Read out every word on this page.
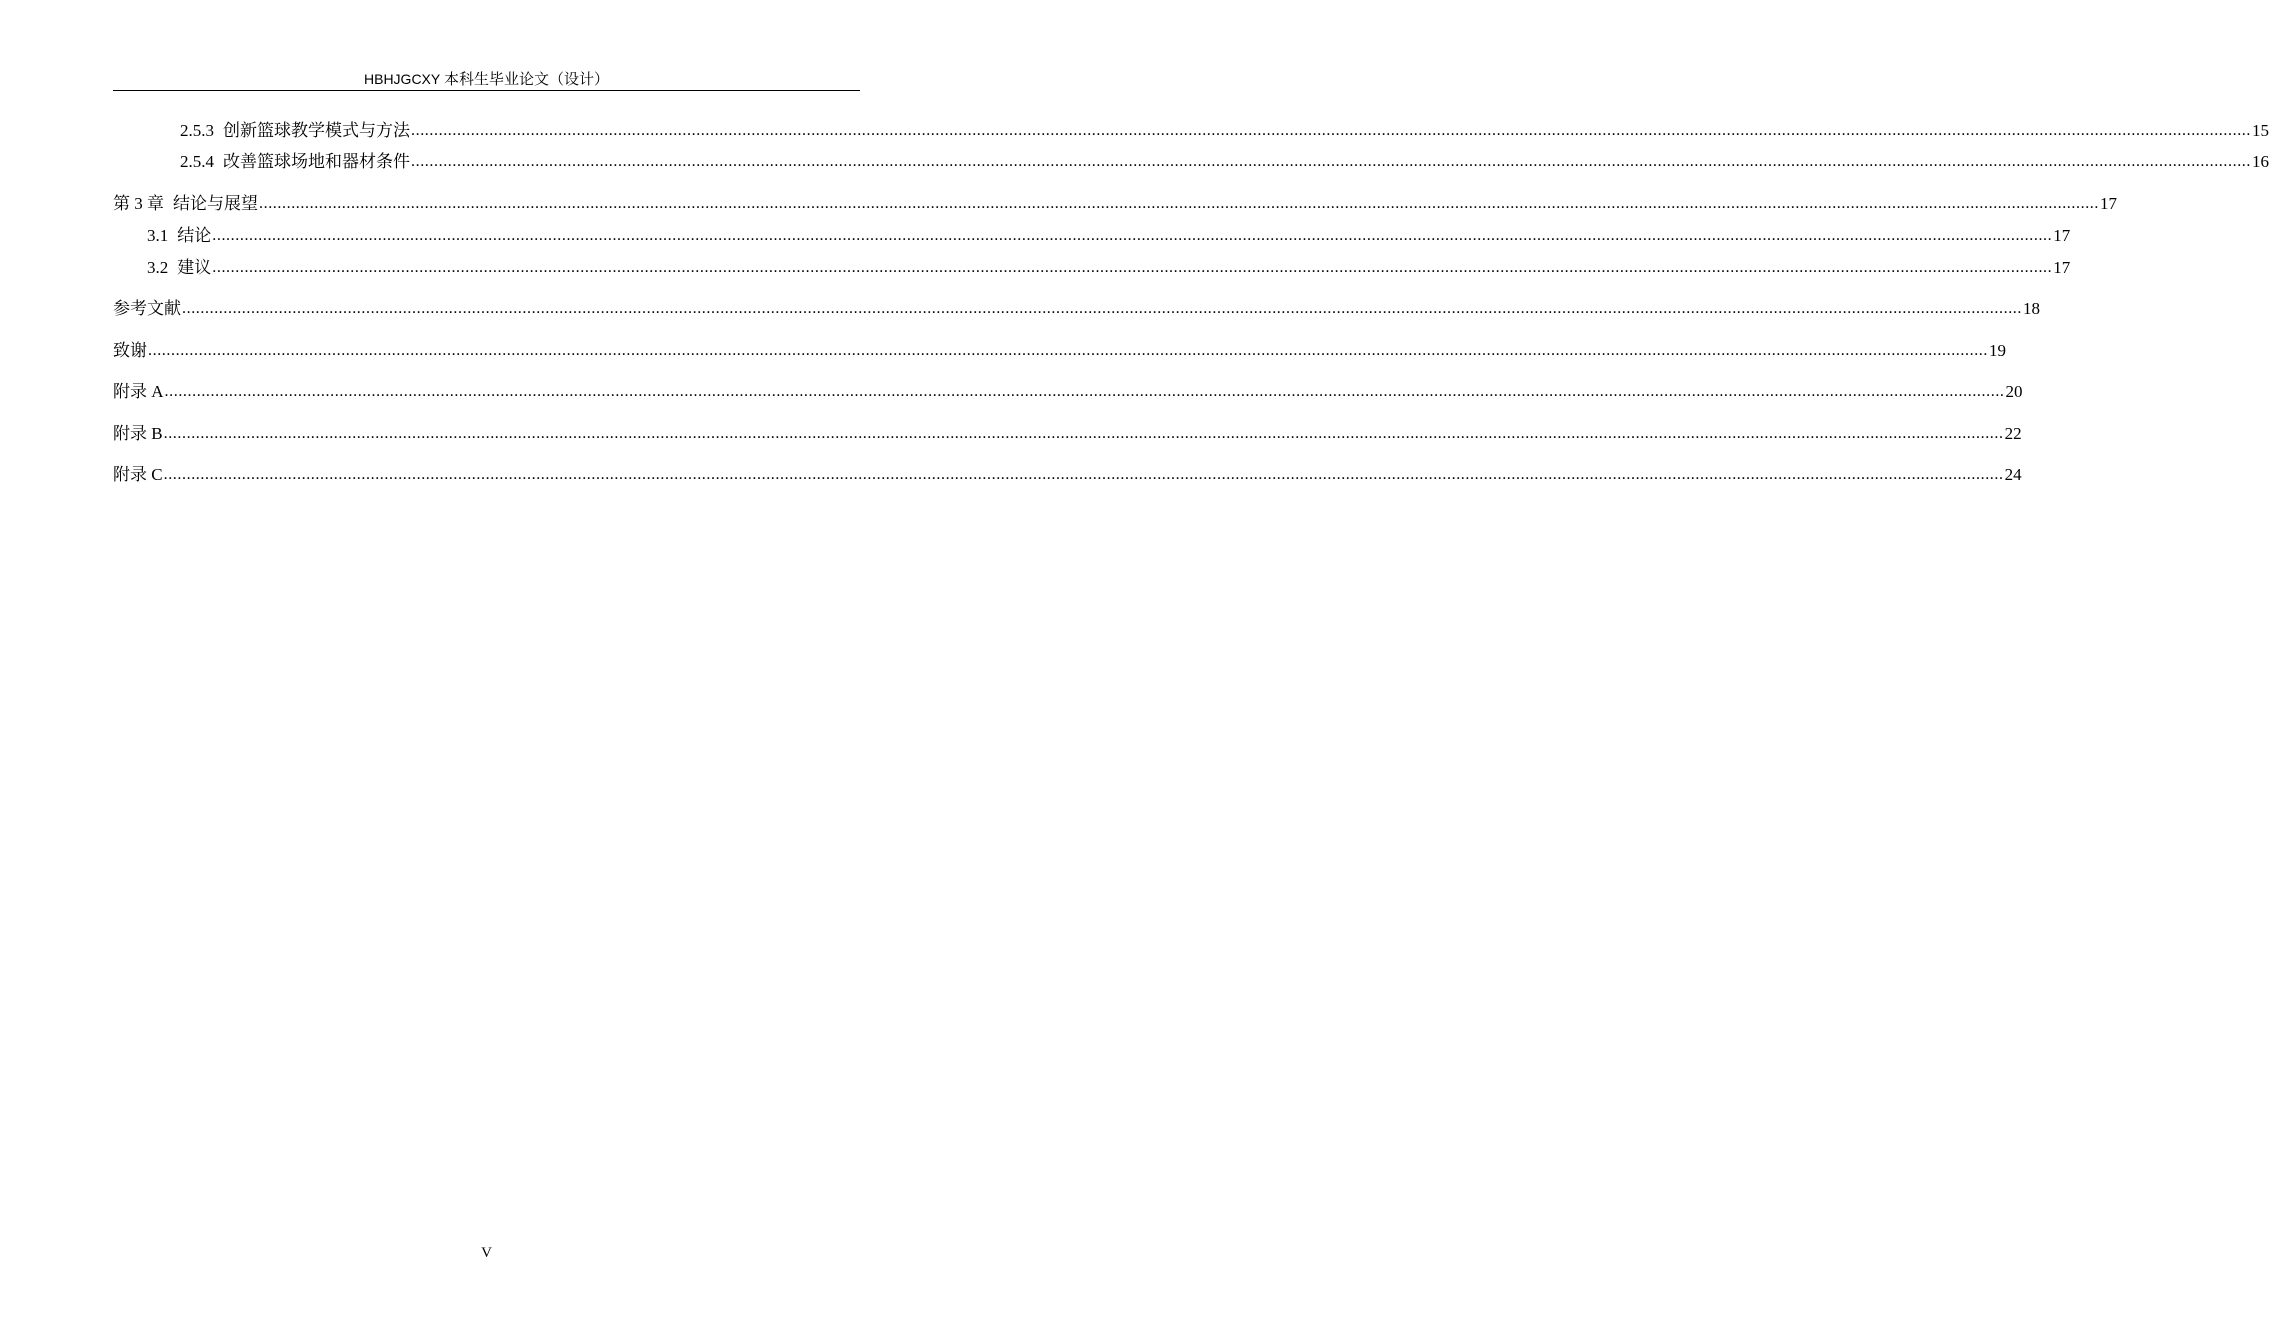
HBHJGCXY 本科生毕业论文（设计）
2.5.3 创新篮球教学模式与方法 ................................................................................................................................................................................................................................................................................................................................................................................................................ 15
2.5.4 改善篮球场地和器材条件 ................................................................................................................................................................................................................................................................................................................................................................................................................ 16
第 3 章 结论与展望 ................................................................................................................................................................................................................................................................................................................................................................................................................ 17
3.1 结论 ................................................................................................................................................................................................................................................................................................................................................................................................................ 17
3.2 建议 ................................................................................................................................................................................................................................................................................................................................................................................................................ 17
参考文献 ................................................................................................................................................................................................................................................................................................................................................................................................................ 18
致谢 ................................................................................................................................................................................................................................................................................................................................................................................................................ 19
附录 A ................................................................................................................................................................................................................................................................................................................................................................................................................ 20
附录 B ................................................................................................................................................................................................................................................................................................................................................................................................................ 22
附录 C ................................................................................................................................................................................................................................................................................................................................................................................................................ 24
V
